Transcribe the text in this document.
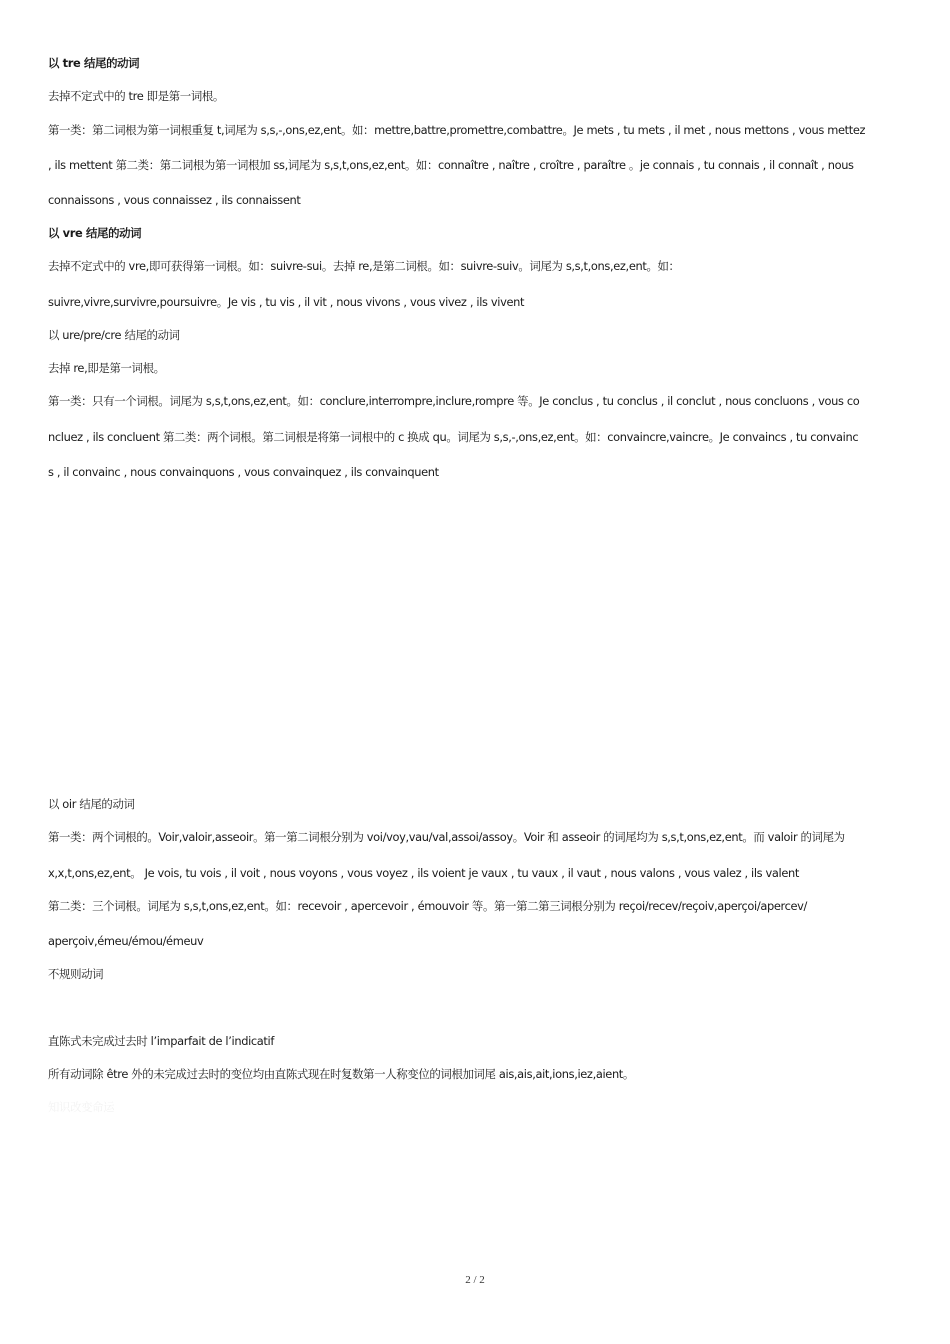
以 tre 结尾的动词
去掉不定式中的 tre 即是第一词根。
第一类：第二词根为第一词根重复 t,词尾为 s,s,-,ons,ez,ent。如：mettre,battre,promettre,combattre。Je mets , tu mets , il met , nous mettons , vous mettez
, ils mettent 第二类：第二词根为第一词根加 ss,词尾为 s,s,t,ons,ez,ent。如：connaître , naître , croître , paraître 。je connais , tu connais , il connaît , nous
connaissons , vous connaissez , ils connaissent
以 vre 结尾的动词
去掉不定式中的 vre,即可获得第一词根。如：suivre-sui。去掉 re,是第二词根。如：suivre-suiv。词尾为 s,s,t,ons,ez,ent。如：
suivre,vivre,survivre,poursuivre。Je vis , tu vis , il vit , nous vivons , vous vivez , ils vivent
以 ure/pre/cre 结尾的动词
去掉 re,即是第一词根。
第一类：只有一个词根。词尾为 s,s,t,ons,ez,ent。如：conclure,interrompre,inclure,rompre 等。Je conclus , tu conclus , il conclut , nous concluons , vous co
ncluez , ils concluent 第二类：两个词根。第二词根是将第一词根中的 c 换成 qu。词尾为 s,s,-,ons,ez,ent。如：convaincre,vaincre。Je convaincs , tu convainc
s , il convainc , nous convainquons , vous convainquez , ils convainquent
以 oir 结尾的动词
第一类：两个词根的。Voir,valoir,asseoir。第一第二词根分别为 voi/voy,vau/val,assoi/assoy。Voir 和 asseoir 的词尾均为 s,s,t,ons,ez,ent。而 valoir 的词尾为
x,x,t,ons,ez,ent。 Je vois, tu vois , il voit , nous voyons , vous voyez , ils voient je vaux , tu vaux , il vaut , nous valons , vous valez , ils valent
第二类：三个词根。词尾为 s,s,t,ons,ez,ent。如：recevoir , apercevoir , émouvoir 等。第一第二第三词根分别为 reçoi/recev/reçoiv,aperçoi/apercev/
aperçoiv,émeu/émou/émeuv
不规则动词
直陈式未完成过去时 l’imparfait de l’indicatif
所有动词除 être 外的未完成过去时的变位均由直陈式现在时复数第一人称变位的词根加词尾 ais,ais,ait,ions,iez,aient。
知识改变命运
2 / 2
